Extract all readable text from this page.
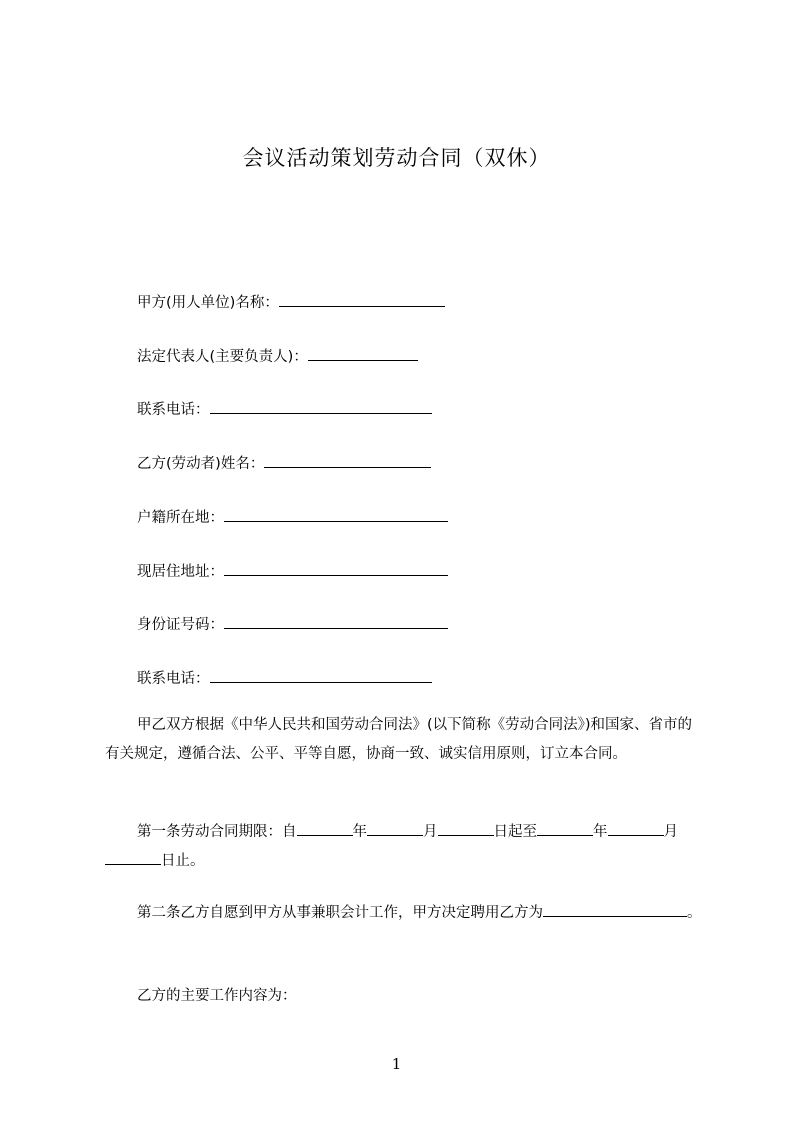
会议活动策划劳动合同（双休）
甲方(用人单位)名称：
法定代表人(主要负责人)：
联系电话：
乙方(劳动者)姓名：
户籍所在地：
现居住地址：
身份证号码：
联系电话：
甲乙双方根据《中华人民共和国劳动合同法》(以下简称《劳动合同法》)和国家、省市的有关规定，遵循合法、公平、平等自愿，协商一致、诚实信用原则，订立本合同。
第一条劳动合同期限：自	年	月	日起至	年	月日止。
第二条乙方自愿到甲方从事兼职会计工作，甲方决定聘用乙方为	。
乙方的主要工作内容为：
1
